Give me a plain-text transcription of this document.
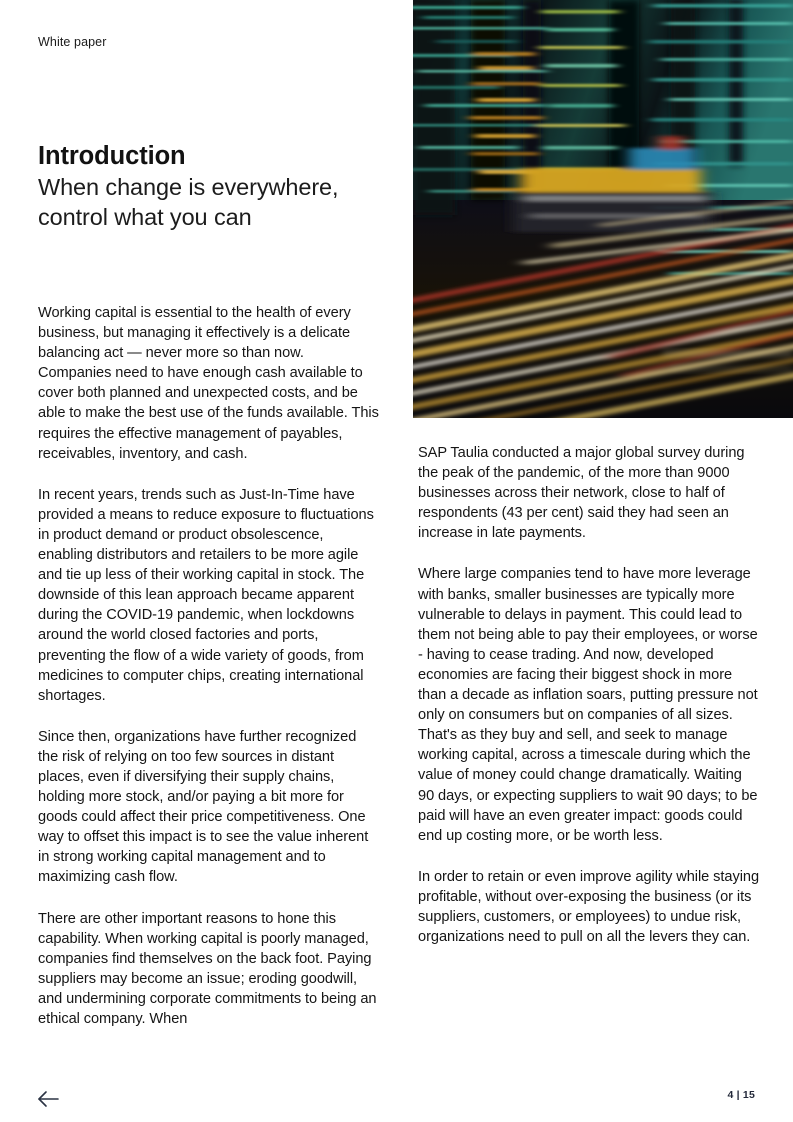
White paper
Introduction
When change is everywhere,
control what you can

Working capital is essential to the health of every business, but managing it effectively is a delicate balancing act — never more so than now. Companies need to have enough cash available to cover both planned and unexpected costs, and be able to make the best use of the funds available. This requires the effective management of payables, receivables, inventory, and cash.

In recent years, trends such as Just-In-Time have provided a means to reduce exposure to fluctuations in product demand or product obsolescence, enabling distributors and retailers to be more agile and tie up less of their working capital in stock. The downside of this lean approach became apparent during the COVID-19 pandemic, when lockdowns around the world closed factories and ports, preventing the flow of a wide variety of goods, from medicines to computer chips, creating international shortages.

Since then, organizations have further recognized the risk of relying on too few sources in distant places, even if diversifying their supply chains, holding more stock, and/or paying a bit more for goods could affect their price competitiveness. One way to offset this impact is to see the value inherent in strong working capital management and to maximizing cash flow.

There are other important reasons to hone this capability. When working capital is poorly managed, companies find themselves on the back foot. Paying suppliers may become an issue; eroding goodwill, and undermining corporate commitments to being an ethical company. When

SAP Taulia conducted a major global survey during the peak of the pandemic, of the more than 9000 businesses across their network, close to half of respondents (43 per cent) said they had seen an increase in late payments.

Where large companies tend to have more leverage with banks, smaller businesses are typically more vulnerable to delays in payment. This could lead to them not being able to pay their employees, or worse - having to cease trading. And now, developed economies are facing their biggest shock in more than a decade as inflation soars, putting pressure not only on consumers but on companies of all sizes. That's as they buy and sell, and seek to manage working capital, across a timescale during which the value of money could change dramatically. Waiting 90 days, or expecting suppliers to wait 90 days; to be paid will have an even greater impact: goods could end up costing more, or be worth less.

In order to retain or even improve agility while staying profitable, without over-exposing the business (or its suppliers, customers, or employees) to undue risk, organizations need to pull on all the levers they can.

4 | 15
